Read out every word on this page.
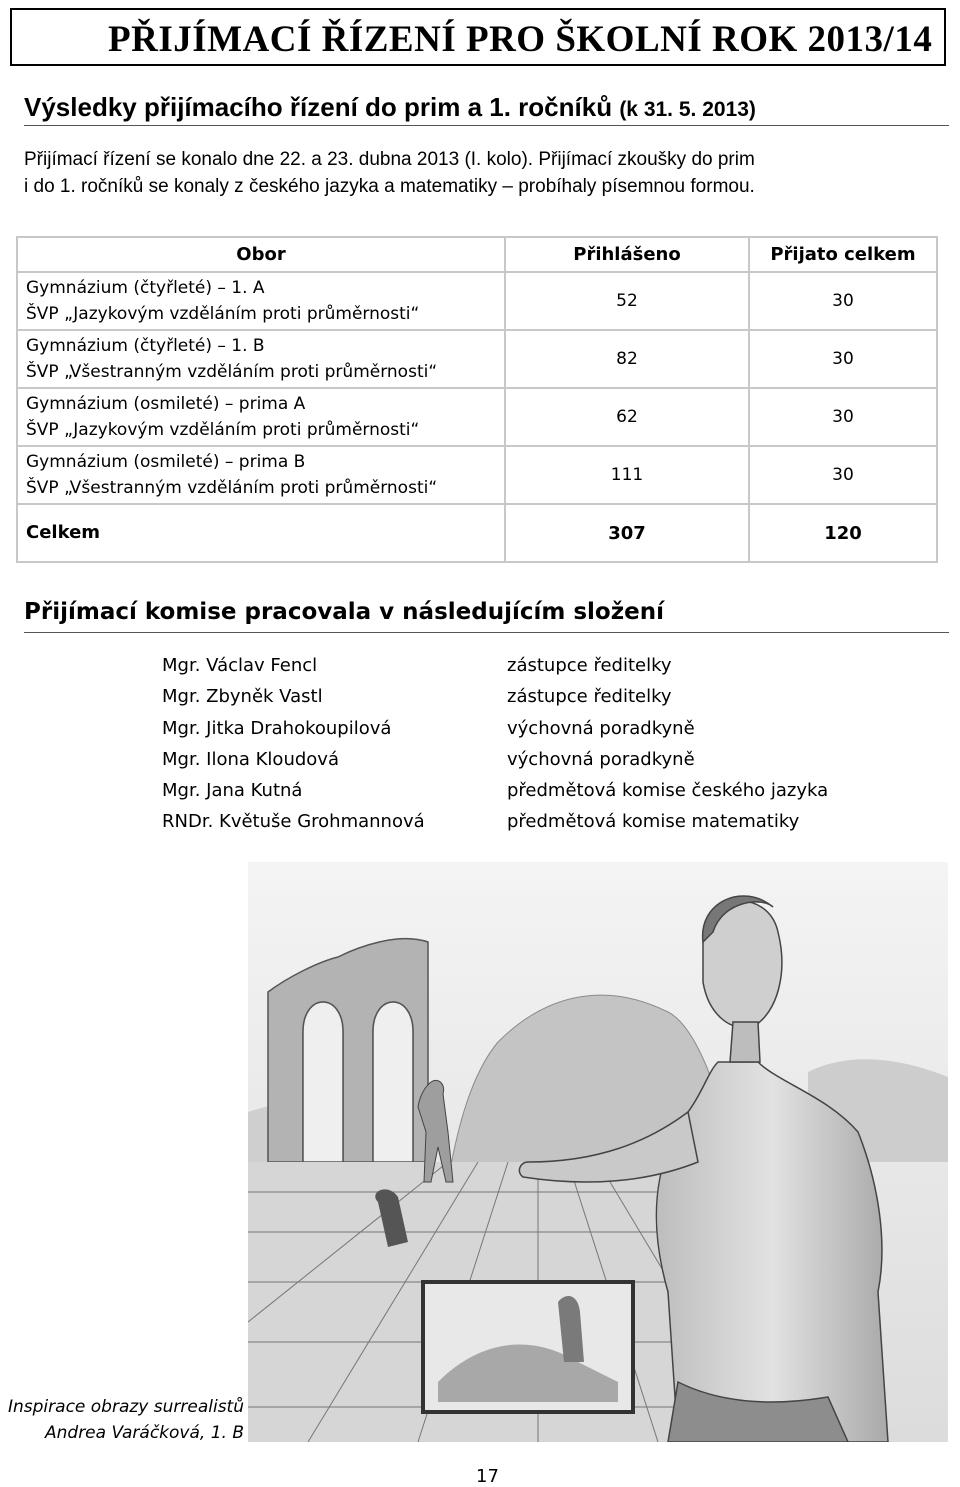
PŘIJÍMACÍ ŘÍZENÍ PRO ŠKOLNÍ ROK 2013/14
Výsledky přijímacího řízení do prim a 1. ročníků (k 31. 5. 2013)
Přijímací řízení se konalo dne 22. a 23. dubna 2013 (I. kolo). Přijímací zkoušky do prim
i do 1. ročníků se konaly z českého jazyka a matematiky – probíhaly písemnou formou.
Obor	Přihlášeno	Přijato celkem

Gymnázium (čtyřleté) – 1. A
ŠVP „Jazykovým vzděláním proti průměrnosti“	52	30

Gymnázium (čtyřleté) – 1. B
ŠVP „Všestranným vzděláním proti průměrnosti“	82	30

Gymnázium (osmileté) – prima A
ŠVP „Jazykovým vzděláním proti průměrnosti“	62	30

Gymnázium (osmileté) – prima B
ŠVP „Všestranným vzděláním proti průměrnosti“	111	30
Celkem	307	120
Přijímací komise pracovala v následujícím složení
Mgr. Václav Fencl	zástupce ředitelky
Mgr. Zbyněk Vastl	zástupce ředitelky
Mgr. Jitka Drahokoupilová	výchovná poradkyně
Mgr. Ilona Kloudová	výchovná poradkyně
Mgr. Jana Kutná	předmětová komise českého jazyka
RNDr. Květuše Grohmannová	předmětová komise matematiky
Inspirace obrazy surrealistů
Andrea Varáčková, 1. B
17
